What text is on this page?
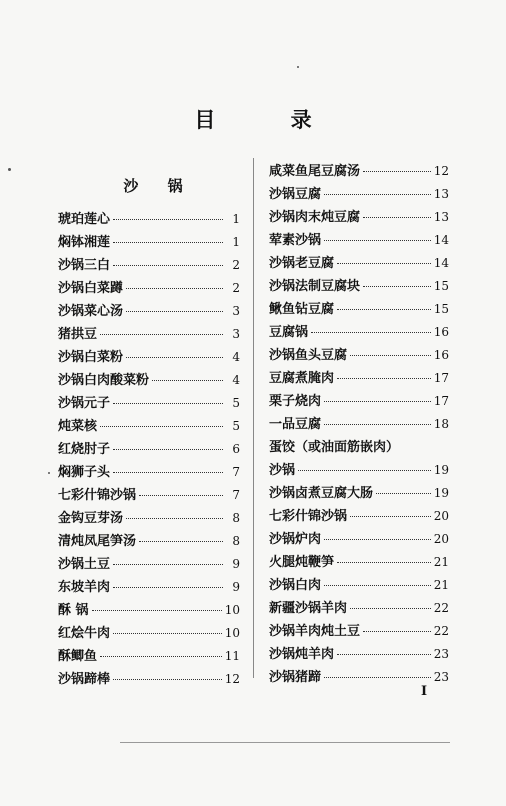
目 录
沙 锅
琥珀莲心	1
焖钵湘莲	1
沙锅三白	2
沙锅白菜蹲	2
沙锅菜心汤	3
猪拱豆	3
沙锅白菜粉	4
沙锅白肉酸菜粉	4
沙锅元子	5
炖菜核	5
红烧肘子	6
焖狮子头	7
七彩什锦沙锅	7
金钩豆芽汤	8
清炖凤尾笋汤	8
沙锅土豆	9
东坡羊肉	9
酥 锅	10
红烩牛肉	10
酥鲫鱼	11
沙锅蹄棒	12
咸菜鱼尾豆腐汤	12
沙锅豆腐	13
沙锅肉末炖豆腐	13
荤素沙锅	14
沙锅老豆腐	14
沙锅法制豆腐块	15
鳅鱼钻豆腐	15
豆腐锅	16
沙锅鱼头豆腐	16
豆腐煮腌肉	17
栗子烧肉	17
一品豆腐	18
蛋饺（或油面筋嵌肉）
沙锅	19
沙锅卤煮豆腐大肠	19
七彩什锦沙锅	20
沙锅炉肉	20
火腿炖鞭笋	21
沙锅白肉	21
新疆沙锅羊肉	22
沙锅羊肉炖土豆	22
沙锅炖羊肉	23
沙锅猪蹄	23
I
